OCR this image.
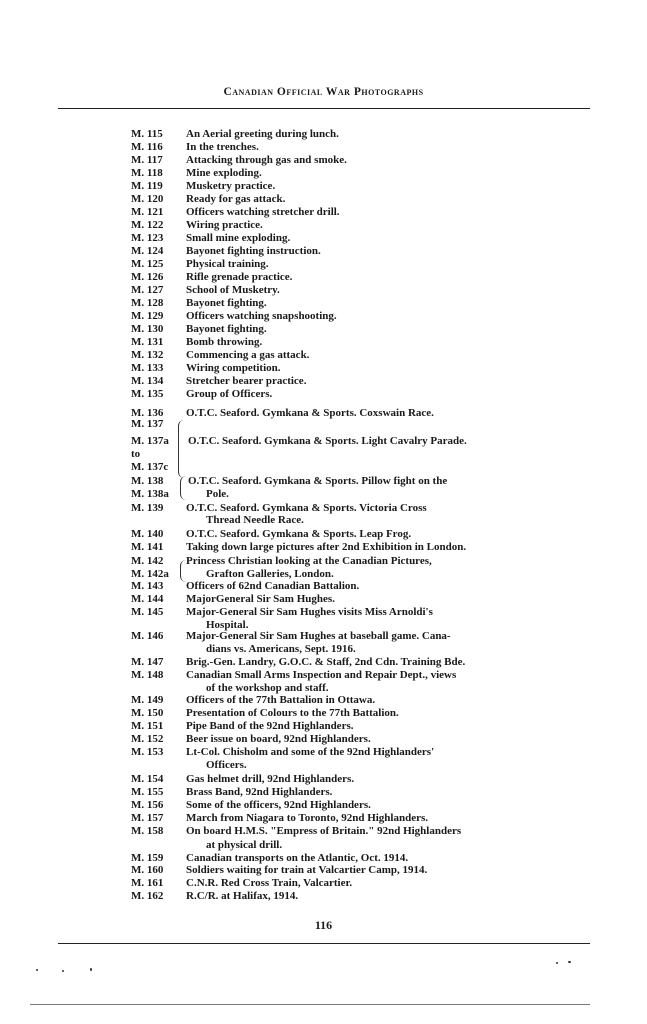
Canadian Official War Photographs
M. 115	An Aerial greeting during lunch.
M. 116	In the trenches.
M. 117	Attacking through gas and smoke.
M. 118	Mine exploding.
M. 119	Musketry practice.
M. 120	Ready for gas attack.
M. 121	Officers watching stretcher drill.
M. 122	Wiring practice.
M. 123	Small mine exploding.
M. 124	Bayonet fighting instruction.
M. 125	Physical training.
M. 126	Rifle grenade practice.
M. 127	School of Musketry.
M. 128	Bayonet fighting.
M. 129	Officers watching snapshooting.
M. 130	Bayonet fighting.
M. 131	Bomb throwing.
M. 132	Commencing a gas attack.
M. 133	Wiring competition.
M. 134	Stretcher bearer practice.
M. 135	Group of Officers.
M. 136	O.T.C. Seaford. Gymkana & Sports. Coxswain Race.
M. 137
M. 137a	O.T.C. Seaford. Gymkana & Sports. Light Cavalry Parade.
to
M. 137c
M. 138	O.T.C. Seaford. Gymkana & Sports. Pillow fight on the
M. 138a	Pole.
M. 139	O.T.C. Seaford. Gymkana & Sports. Victoria Cross
Thread Needle Race.
M. 140	O.T.C. Seaford. Gymkana & Sports. Leap Frog.
M. 141	Taking down large pictures after 2nd Exhibition in London.
M. 142	Princess Christian looking at the Canadian Pictures,
M. 142a	Grafton Galleries, London.
M. 143	Officers of 62nd Canadian Battalion.
M. 144	MajorGeneral Sir Sam Hughes.
M. 145	Major-General Sir Sam Hughes visits Miss Arnoldi's
Hospital.
M. 146	Major-General Sir Sam Hughes at baseball game. Cana-
dians vs. Americans, Sept. 1916.
M. 147	Brig.-Gen. Landry, G.O.C. & Staff, 2nd Cdn. Training Bde.
M. 148	Canadian Small Arms Inspection and Repair Dept., views
of the workshop and staff.
M. 149	Officers of the 77th Battalion in Ottawa.
M. 150	Presentation of Colours to the 77th Battalion.
M. 151	Pipe Band of the 92nd Highlanders.
M. 152	Beer issue on board, 92nd Highlanders.
M. 153	Lt-Col. Chisholm and some of the 92nd Highlanders'
Officers.
M. 154	Gas helmet drill, 92nd Highlanders.
M. 155	Brass Band, 92nd Highlanders.
M. 156	Some of the officers, 92nd Highlanders.
M. 157	March from Niagara to Toronto, 92nd Highlanders.
M. 158	On board H.M.S. "Empress of Britain." 92nd Highlanders
at physical drill.
M. 159	Canadian transports on the Atlantic, Oct. 1914.
M. 160	Soldiers waiting for train at Valcartier Camp, 1914.
M. 161	C.N.R. Red Cross Train, Valcartier.
M. 162	R.C/R. at Halifax, 1914.
116
